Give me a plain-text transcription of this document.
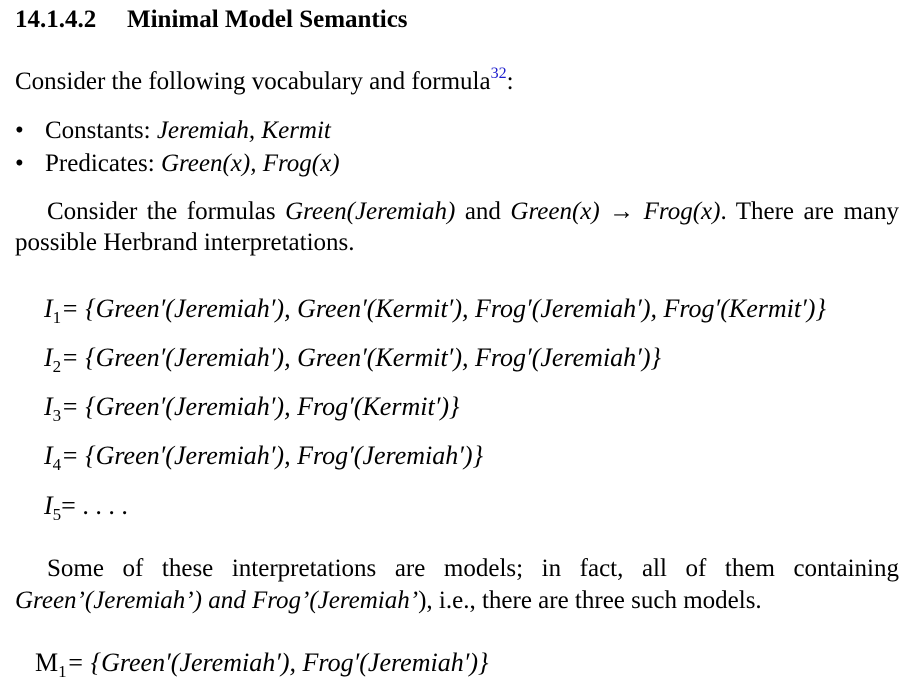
14.1.4.2 Minimal Model Semantics
Consider the following vocabulary and formula$^{32}$:
• Constants: Jeremiah, Kermit
• Predicates: Green(x), Frog(x)
Consider the formulas Green(Jeremiah) and Green(x) → Frog(x). There are many possible Herbrand interpretations.
$I_1=$ {Green′(Jeremiah′), Green′(Kermit′), Frog′(Jeremiah′), Frog′(Kermit′)}
$I_2=$ {Green′(Jeremiah′), Green′(Kermit′), Frog′(Jeremiah′)}
$I_3=$ {Green′(Jeremiah′), Frog′(Kermit′)}
$I_4=$ {Green′(Jeremiah′), Frog′(Jeremiah′)}
$I_5=$ . . . .
Some of these interpretations are models; in fact, all of them containing Green’(Jeremiah’) and Frog’(Jeremiah’), i.e., there are three such models.
$M_1=$ {Green′(Jeremiah′), Frog′(Jeremiah′)}
